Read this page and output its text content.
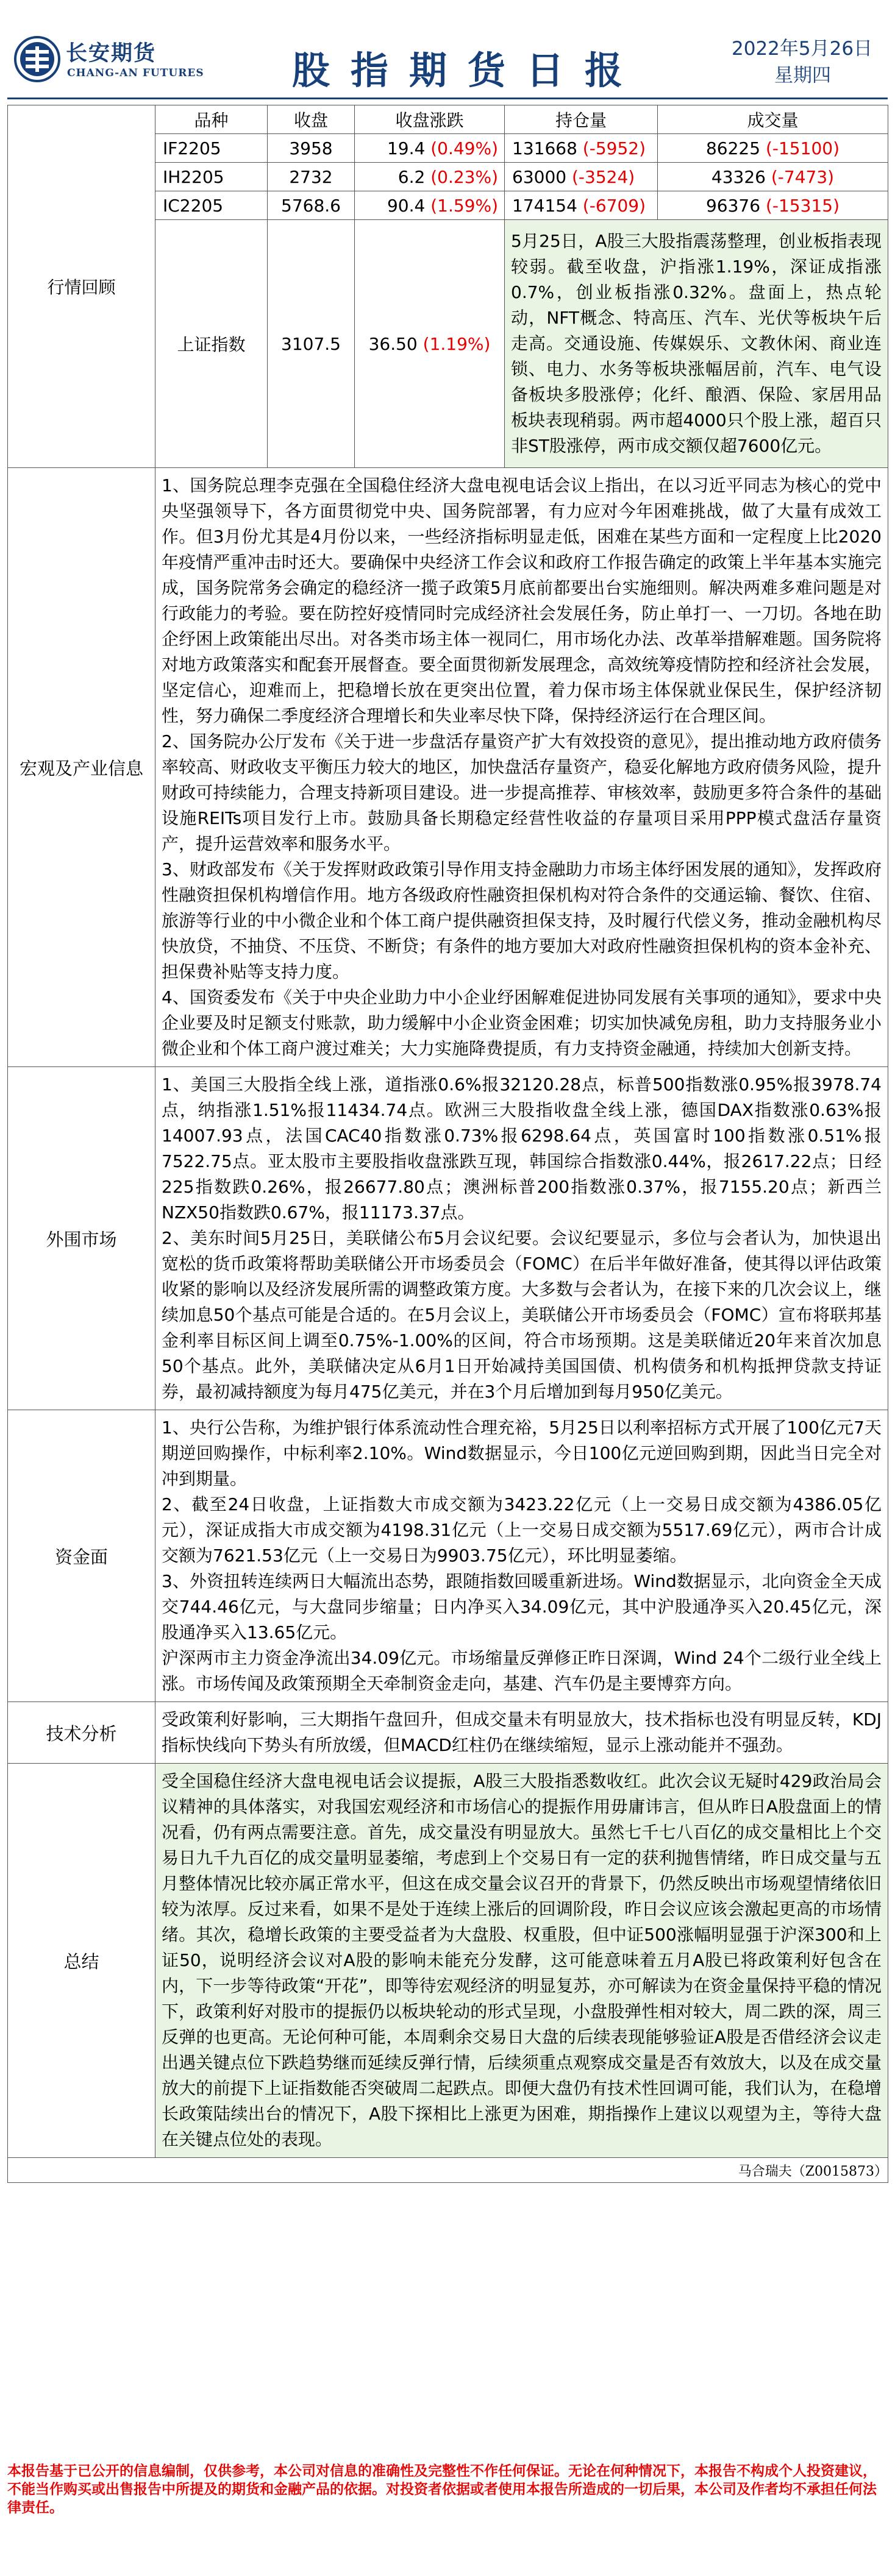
长安期货
CHANG-AN FUTURES	股指期货日报	2022年5月26日
星期四
行情回顾	品种	收盘	收盘涨跌	持仓量	成交量
	IF2205	3958	19.4 (0.49%)	131668 (-5952)	86225 (-15100)
	IH2205	2732	6.2 (0.23%)	63000 (-3524)	43326 (-7473)
	IC2205	5768.6	90.4 (1.59%)	174154 (-6709)	96376 (-15315)
	上证指数	3107.5	36.50 (1.19%)	5月25日，A股三大股指震荡整理，创业板指表现较弱。截至收盘，沪指涨1.19%，深证成指涨0.7%，创业板指涨0.32%。盘面上，热点轮动，NFT概念、特高压、汽车、光伏等板块午后走高。交通设施、传媒娱乐、文教休闲、商业连锁、电力、水务等板块涨幅居前，汽车、电气设备板块多股涨停；化纤、酿酒、保险、家居用品板块表现稍弱。两市超4000只个股上涨，超百只非ST股涨停，两市成交额仅超7600亿元。	
宏观及产业信息	1、国务院总理李克强在全国稳住经济大盘电视电话会议上指出，在以习近平同志为核心的党中央坚强领导下，各方面贯彻党中央、国务院部署，有力应对今年困难挑战，做了大量有成效工作。但3月份尤其是4月份以来，一些经济指标明显走低，困难在某些方面和一定程度上比2020年疫情严重冲击时还大。要确保中央经济工作会议和政府工作报告确定的政策上半年基本实施完成，国务院常务会确定的稳经济一揽子政策5月底前都要出台实施细则。解决两难多难问题是对行政能力的考验。要在防控好疫情同时完成经济社会发展任务，防止单打一、一刀切。各地在助企纾困上政策能出尽出。对各类市场主体一视同仁，用市场化办法、改革举措解难题。国务院将对地方政策落实和配套开展督查。要全面贯彻新发展理念，高效统筹疫情防控和经济社会发展，坚定信心，迎难而上，把稳增长放在更突出位置，着力保市场主体保就业保民生，保护经济韧性，努力确保二季度经济合理增长和失业率尽快下降，保持经济运行在合理区间。

2、国务院办公厅发布《关于进一步盘活存量资产扩大有效投资的意见》，提出推动地方政府债务率较高、财政收支平衡压力较大的地区，加快盘活存量资产，稳妥化解地方政府债务风险，提升财政可持续能力，合理支持新项目建设。进一步提高推荐、审核效率，鼓励更多符合条件的基础设施REITs项目发行上市。鼓励具备长期稳定经营性收益的存量项目采用PPP模式盘活存量资产，提升运营效率和服务水平。

3、财政部发布《关于发挥财政政策引导作用支持金融助力市场主体纾困发展的通知》，发挥政府性融资担保机构增信作用。地方各级政府性融资担保机构对符合条件的交通运输、餐饮、住宿、旅游等行业的中小微企业和个体工商户提供融资担保支持，及时履行代偿义务，推动金融机构尽快放贷，不抽贷、不压贷、不断贷；有条件的地方要加大对政府性融资担保机构的资本金补充、担保费补贴等支持力度。

4、国资委发布《关于中央企业助力中小企业纾困解难促进协同发展有关事项的通知》，要求中央企业要及时足额支付账款，助力缓解中小企业资金困难；切实加快减免房租，助力支持服务业小微企业和个体工商户渡过难关；大力实施降费提质，有力支持资金融通，持续加大创新支持。				

外围市场	1、美国三大股指全线上涨，道指涨0.6%报32120.28点，标普500指数涨0.95%报3978.74点，纳指涨1.51%报11434.74点。欧洲三大股指收盘全线上涨，德国DAX指数涨0.63%报14007.93点，法国CAC40指数涨0.73%报6298.64点，英国富时100指数涨0.51%报7522.75点。亚太股市主要股指收盘涨跌互现，韩国综合指数涨0.44%，报2617.22点；日经225指数跌0.26%，报26677.80点；澳洲标普200指数涨0.37%，报7155.20点；新西兰NZX50指数跌0.67%，报11173.37点。

2、美东时间5月25日，美联储公布5月会议纪要。会议纪要显示，多位与会者认为，加快退出宽松的货币政策将帮助美联储公开市场委员会（FOMC）在后半年做好准备，使其得以评估政策收紧的影响以及经济发展所需的调整政策方度。大多数与会者认为，在接下来的几次会议上，继续加息50个基点可能是合适的。在5月会议上，美联储公开市场委员会（FOMC）宣布将联邦基金利率目标区间上调至0.75%-1.00%的区间，符合市场预期。这是美联储近20年来首次加息50个基点。此外，美联储决定从6月1日开始减持美国国债、机构债务和机构抵押贷款支持证券，最初减持额度为每月475亿美元，并在3个月后增加到每月950亿美元。				

资金面	1、央行公告称，为维护银行体系流动性合理充裕，5月25日以利率招标方式开展了100亿元7天期逆回购操作，中标利率2.10%。Wind数据显示，今日100亿元逆回购到期，因此当日完全对冲到期量。

2、截至24日收盘，上证指数大市成交额为3423.22亿元（上一交易日成交额为4386.05亿元），深证成指大市成交额为4198.31亿元（上一交易日成交额为5517.69亿元），两市合计成交额为7621.53亿元（上一交易日为9903.75亿元），环比明显萎缩。

3、外资扭转连续两日大幅流出态势，跟随指数回暖重新进场。Wind数据显示，北向资金全天成交744.46亿元，与大盘同步缩量；日内净买入34.09亿元，其中沪股通净买入20.45亿元，深股通净买入13.65亿元。

沪深两市主力资金净流出34.09亿元。市场缩量反弹修正昨日深调，Wind 24个二级行业全线上涨。市场传闻及政策预期全天牵制资金走向，基建、汽车仍是主要博弈方向。				

技术分析	受政策利好影响，三大期指午盘回升，但成交量未有明显放大，技术指标也没有明显反转，KDJ指标快线向下势头有所放缓，但MACD红柱仍在继续缩短，显示上涨动能并不强劲。				
总结	受全国稳住经济大盘电视电话会议提振，A股三大股指悉数收红。此次会议无疑时429政治局会议精神的具体落实，对我国宏观经济和市场信心的提振作用毋庸讳言，但从昨日A股盘面上的情况看，仍有两点需要注意。首先，成交量没有明显放大。虽然七千七八百亿的成交量相比上个交易日九千九百亿的成交量明显萎缩，考虑到上个交易日有一定的获利抛售情绪，昨日成交量与五月整体情况比较亦属正常水平，但这在成交量会议召开的背景下，仍然反映出市场观望情绪依旧较为浓厚。反过来看，如果不是处于连续上涨后的回调阶段，昨日会议应该会激起更高的市场情绪。其次，稳增长政策的主要受益者为大盘股、权重股，但中证500涨幅明显强于沪深300和上证50，说明经济会议对A股的影响未能充分发酵，这可能意味着五月A股已将政策利好包含在内，下一步等待政策“开花”，即等待宏观经济的明显复苏，亦可解读为在资金量保持平稳的情况下，政策利好对股市的提振仍以板块轮动的形式呈现，小盘股弹性相对较大，周二跌的深，周三反弹的也更高。无论何种可能，本周剩余交易日大盘的后续表现能够验证A股是否借经济会议走出遇关键点位下跌趋势继而延续反弹行情，后续须重点观察成交量是否有效放大，以及在成交量放大的前提下上证指数能否突破周二起跌点。即便大盘仍有技术性回调可能，我们认为，在稳增长政策陆续出台的情况下，A股下探相比上涨更为困难，期指操作上建议以观望为主，等待大盘在关键点位处的表现。				
马合瑞夫（Z0015873）					
本报告基于已公开的信息编制，仅供参考，本公司对信息的准确性及完整性不作任何保证。无论在何种情况下，本报告不构成个人投资建议，不能当作购买或出售报告中所提及的期货和金融产品的依据。对投资者依据或者使用本报告所造成的一切后果，本公司及作者均不承担任何法律责任。
